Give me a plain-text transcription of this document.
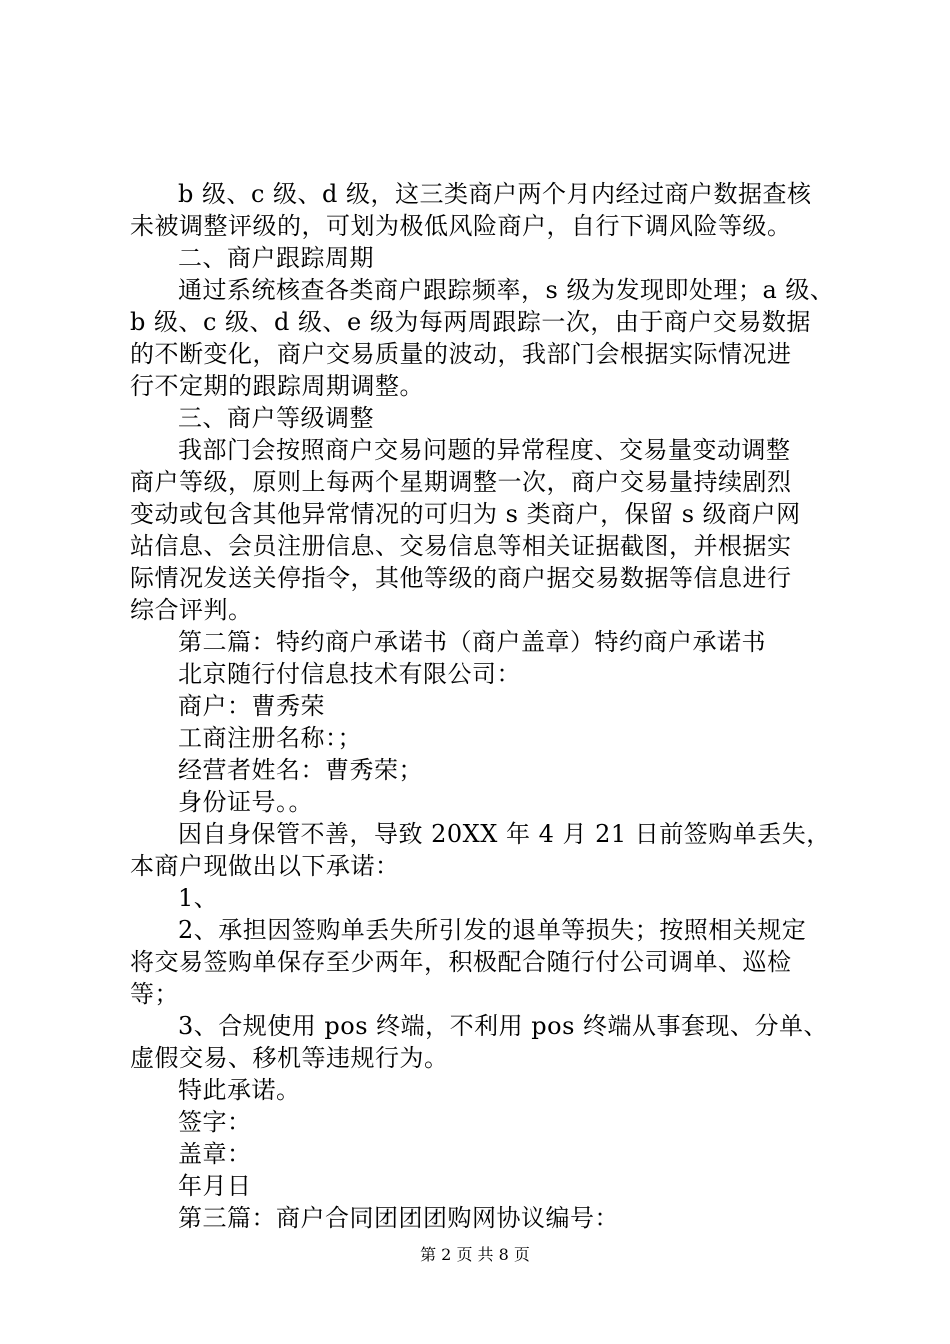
b 级、c 级、d 级，这三类商户两个月内经过商户数据查核
未被调整评级的，可划为极低风险商户，自行下调风险等级。
二、商户跟踪周期
通过系统核查各类商户跟踪频率，s 级为发现即处理；a 级、
b 级、c 级、d 级、e 级为每两周跟踪一次，由于商户交易数据
的不断变化，商户交易质量的波动，我部门会根据实际情况进
行不定期的跟踪周期调整。
三、商户等级调整
我部门会按照商户交易问题的异常程度、交易量变动调整
商户等级，原则上每两个星期调整一次，商户交易量持续剧烈
变动或包含其他异常情况的可归为 s 类商户，保留 s 级商户网
站信息、会员注册信息、交易信息等相关证据截图，并根据实
际情况发送关停指令，其他等级的商户据交易数据等信息进行
综合评判。
第二篇：特约商户承诺书（商户盖章）特约商户承诺书
北京随行付信息技术有限公司：
商户：曹秀荣
工商注册名称：；
经营者姓名：曹秀荣；
身份证号。。
因自身保管不善，导致 20XX 年 4 月 21 日前签购单丢失，
本商户现做出以下承诺：
1、
2、承担因签购单丢失所引发的退单等损失；按照相关规定
将交易签购单保存至少两年，积极配合随行付公司调单、巡检
等；
3、合规使用 pos 终端，不利用 pos 终端从事套现、分单、
虚假交易、移机等违规行为。
特此承诺。
签字：
盖章：
年月日
第三篇：商户合同团团团购网协议编号：
第 2 页 共 8 页
